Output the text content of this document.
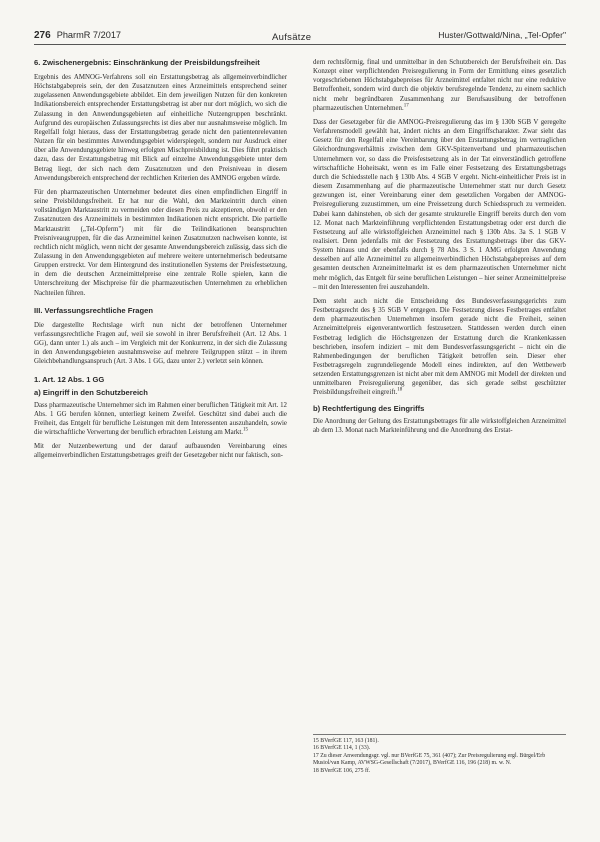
276 PharmR 7/2017	Aufsätze	Huster/Gottwald/Nina, „Tel-Opfer"
6. Zwischenergebnis: Einschränkung der Preisbildungsfreiheit

Ergebnis des AMNOG-Verfahrens soll ein Erstattungsbetrag als allgemeinverbindlicher Höchstabgabepreis sein, der den Zusatznutzen eines Arzneimittels entsprechend seiner zugelassenen Anwendungsgebiete abbildet. Ein dem jeweiligen Nutzen für den konkreten Indikationsbereich entsprechender Erstattungsbetrag ist aber nur dort möglich, wo sich die Zulassung in den Anwendungsgebieten auf einheitliche Nutzengruppen beschränkt. Aufgrund des europäischen Zulassungsrechts ist dies aber nur ausnahmsweise möglich. Im Regelfall folgt hieraus, dass der Erstattungsbetrag gerade nicht den patientenrelevanten Nutzen für ein bestimmtes Anwendungsgebiet widerspiegelt, sondern nur Ausdruck einer über alle Anwendungsgebiete hinweg erfolgten Mischpreisbildung ist. Dies führt praktisch dazu, dass der Erstattungsbetrag mit Blick auf einzelne Anwendungsgebiete unter dem Betrag liegt, der sich nach dem Zusatznutzen und den Preisniveau in diesem Anwendungsbereich entsprechend der rechtlichen Kriterien des AMNOG ergeben würde.

Für den pharmazeutischen Unternehmer bedeutet dies einen empfindlichen Eingriff in seine Preisbildungsfreiheit. Er hat nur die Wahl, den Markteintritt durch einen vollständigen Marktaustritt zu vermeiden oder diesen Preis zu akzeptieren, obwohl er den Zusatznutzen des Arzneimittels in bestimmten Indikationen nicht entspricht. Die partielle Marktaustritt („Tel-Opferm") mit für die Teilindikationen beanspruchten Preisniveaugruppen, für die das Arzneimittel keinen Zusatznutzen nachweisen konnte, ist rechtlich nicht möglich, wenn nicht der gesamte Anwendungsbereich zulässig, dass sich die Zulassung in den Anwendungsgebieten auf mehrere weitere unternehmerisch bedeutsame Gruppen erstreckt. Vor dem Hintergrund des institutionellen Systems der Preisfestsetzung, in dem die deutschen Arzneimittelpreise eine zentrale Rolle spielen, kann die Unterschreitung der Mischpreise für die pharmazeutischen Unternehmen zu erheblichen Nachteilen führen.

III. Verfassungsrechtliche Fragen

Die dargestellte Rechtslage wirft nun nicht der betroffenen Unternehmer verfassungsrechtliche Fragen auf, weil sie sowohl in ihrer Berufsfreiheit (Art. 12 Abs. 1 GG), dann unter 1.) als auch – im Vergleich mit der Konkurrenz, in der sich die Zulassung in den Anwendungsgebieten ausnahmsweise auf mehrere Teilgruppen stützt – in ihrem Gleichbehandlungsanspruch (Art. 3 Abs. 1 GG, dazu unter 2.) verletzt sein können.

1. Art. 12 Abs. 1 GG
a) Eingriff in den Schutzbereich

Dass pharmazeutische Unternehmer sich im Rahmen einer beruflichen Tätigkeit mit Art. 12 Abs. 1 GG berufen können, unterliegt keinem Zweifel. Geschützt sind dabei auch die Freiheit, das Entgelt für berufliche Leistungen mit dem Interessenten auszuhandeln, sowie die wirtschaftliche Verwertung der beruflich erbrachten Leistung am Markt.$^{15}$

Mit der Nutzenbewertung und der darauf aufbauenden Vereinbarung eines allgemeinverbindlichen Erstattungsbetrages greift der Gesetzgeber nicht nur faktisch, son-

dern rechtsförmig, final und unmittelbar in den Schutzbereich der Berufsfreiheit ein. Das Konzept einer verpflichtenden Preisregulierung in Form der Ermittlung eines gesetzlich vorgeschriebenen Höchstabgabepreises für Arzneimittel entfaltet nicht nur eine reduktive Betroffenheit, sondern wird durch die objektiv berufsregelnde Tendenz, zu einem sachlich nicht mehr begründbaren Zusammenhang zur Berufsausübung der betroffenen pharmazeutischen Unternehmen.$^{17}$

Dass der Gesetzgeber für die AMNOG-Preisregulierung das im § 130b SGB V geregelte Verfahrensmodell gewählt hat, ändert nichts an dem Eingriffscharakter. Zwar sieht das Gesetz für den Regelfall eine Vereinbarung über den Erstattungsbetrag im vertraglichen Gleichordnungsverhältnis zwischen dem GKV-Spitzenverband und pharmazeutischen Unternehmern vor, so dass die Preisfestsetzung als in der Tat einverständlich getroffene wirtschaftliche Hoheitsakt, wenn es im Falle einer Festsetzung des Erstattungsbetrags durch die Schiedsstelle nach § 130b Abs. 4 SGB V ergeht. Nicht-einheitlicher Preis ist in diesem Zusammenhang auf die pharmazeutische Unternehmer statt nur durch Gesetz gezwungen ist, einer Vereinbarung einer dem gesetzlichen Vorgaben der AMNOG-Preisregulierung zuzustimmen, um eine Preissetzung durch Schiedsspruch zu vermeiden. Dabei kann dahinstehen, ob sich der gesamte strukturelle Eingriff bereits durch den vom 12. Monat nach Markteinführung verpflichtenden Erstattungsbetrag oder erst durch die Festsetzung auf alle wirkstoffgleichen Arzneimittel nach § 130b Abs. 3a S. 1 SGB V realisiert. Denn jedenfalls mit der Festsetzung des Erstattungsbetrags über das GKV-System hinaus und der ebenfalls durch § 78 Abs. 3 S. 1 AMG erfolgten Anwendung desselben auf alle Arzneimittel zu allgemeinverbindlichen Höchstabgabepreises auf dem gesamten deutschen Arzneimittelmarkt ist es dem pharmazeutischen Unternehmer nicht mehr möglich, das Entgelt für seine beruflichen Leistungen – hier seiner Arzneimittelpreise – mit den Interessenten frei auszuhandeln.

Dem steht auch nicht die Entscheidung des Bundesverfassungsgerichts zum Festbetragsrecht des § 35 SGB V entgegen. Die Festsetzung dieses Festbetrages entfaltet dem pharmazeutischen Unternehmen insofern gerade nicht die Freiheit, seinen Arzneimittelpreis eigenverantwortlich festzusetzen. Stattdessen werden durch einen Festbetrag lediglich die Höchstgrenzen der Erstattung durch die Krankenkassen beschrieben, insofern indiziert – mit dem Bundesverfassungsgericht – nicht ein die Rahmenbedingungen der beruflichen Tätigkeit betroffen sein. Dieser eher Festbetragsregeln zugrundeliegende Modell eines indirekten, auf den Wettbewerb setzenden Erstattungsgrenzen ist nicht aber mit dem AMNOG mit Modell der direkten und unmittelbaren Preisregulierung gegenüber, das sich gerade selbst geschützter Preisbildungsfreiheit eingreift.$^{18}$

b) Rechtfertigung des Eingriffs

Die Anordnung der Geltung des Erstattungsbetrages für alle wirkstoffgleichen Arzneimittel ab dem 13. Monat nach Markteinführung und die Anordnung des Erstat-

15 BVerfGE 117, 163 (181).

16 BVerfGE 114, 1 (33).

17 Zu dieser Anwendungsgr. vgl. nur BVerfGE 75, 361 (407); Zur Preisregulierung ergl. Bürgel/Erb Musiol/van Kamp, AVWSG-Gesellschaft (7/2017), BVerfGE 116, 196 (218) m. w. N.

18 BVerfGE 106, 275 ff.
